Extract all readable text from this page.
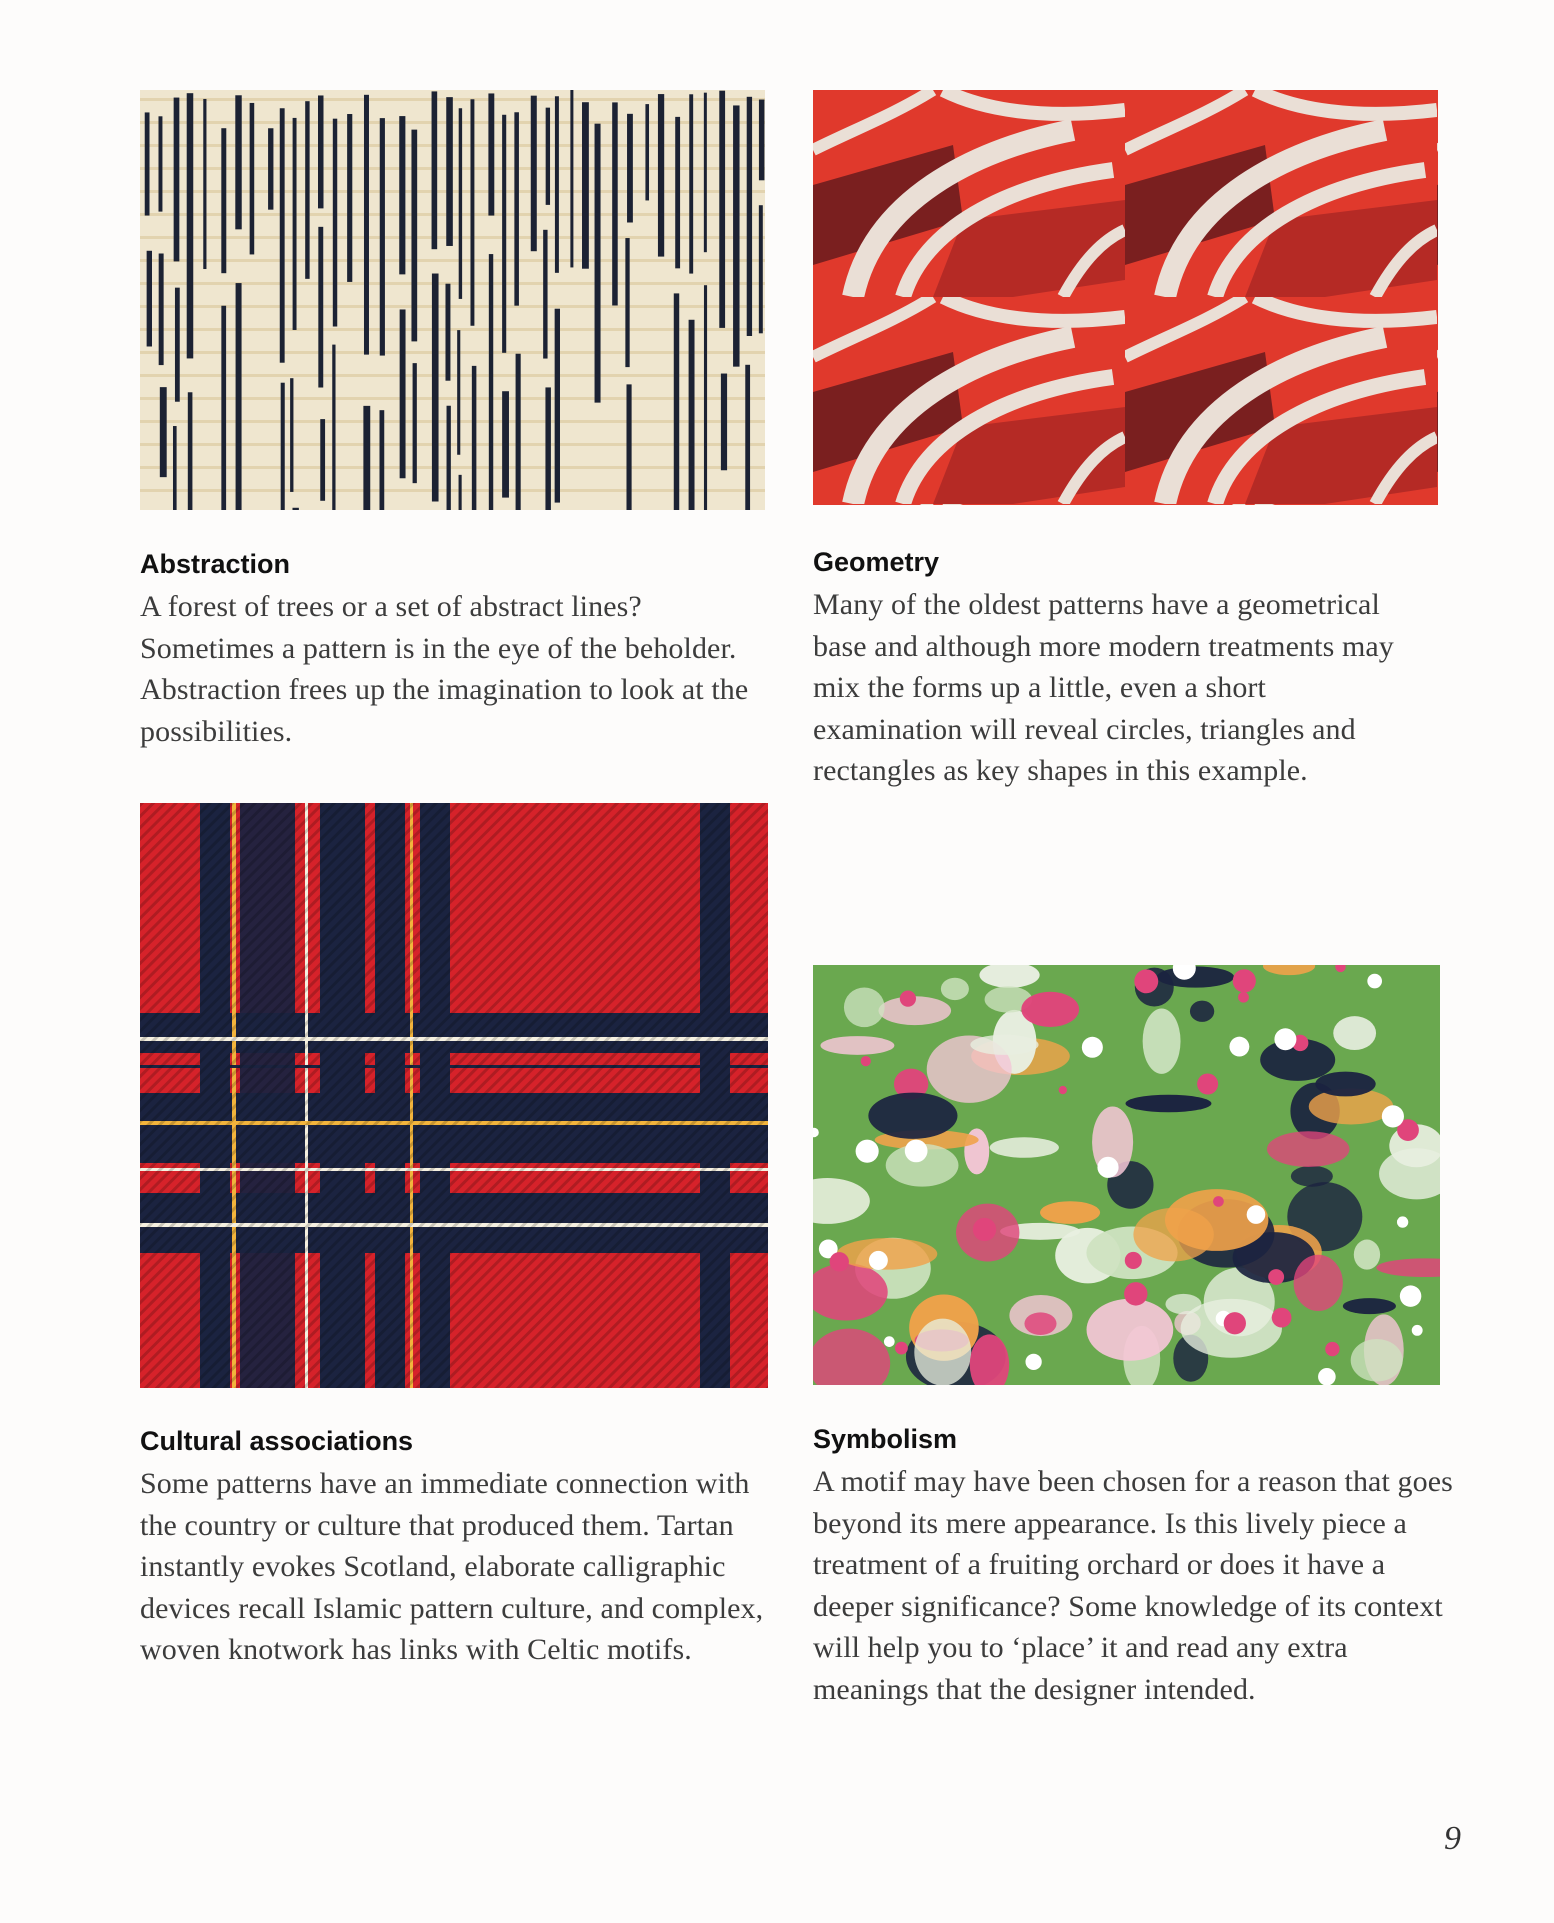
Abstraction

A forest of trees or a set of abstract lines? Sometimes a pattern is in the eye of the beholder. Abstraction frees up the imagination to look at the possibilities.

Geometry

Many of the oldest patterns have a geometrical base and although more modern treatments may mix the forms up a little, even a short examination will reveal circles, triangles and rectangles as key shapes in this example.

Cultural associations

Some patterns have an immediate connection with the country or culture that produced them. Tartan instantly evokes Scotland, elaborate calligraphic devices recall Islamic pattern culture, and complex, woven knotwork has links with Celtic motifs.

Symbolism

A motif may have been chosen for a reason that goes beyond its mere appearance. Is this lively piece a treatment of a fruiting orchard or does it have a deeper significance? Some knowledge of its context will help you to ‘place’ it and read any extra meanings that the designer intended.

9
